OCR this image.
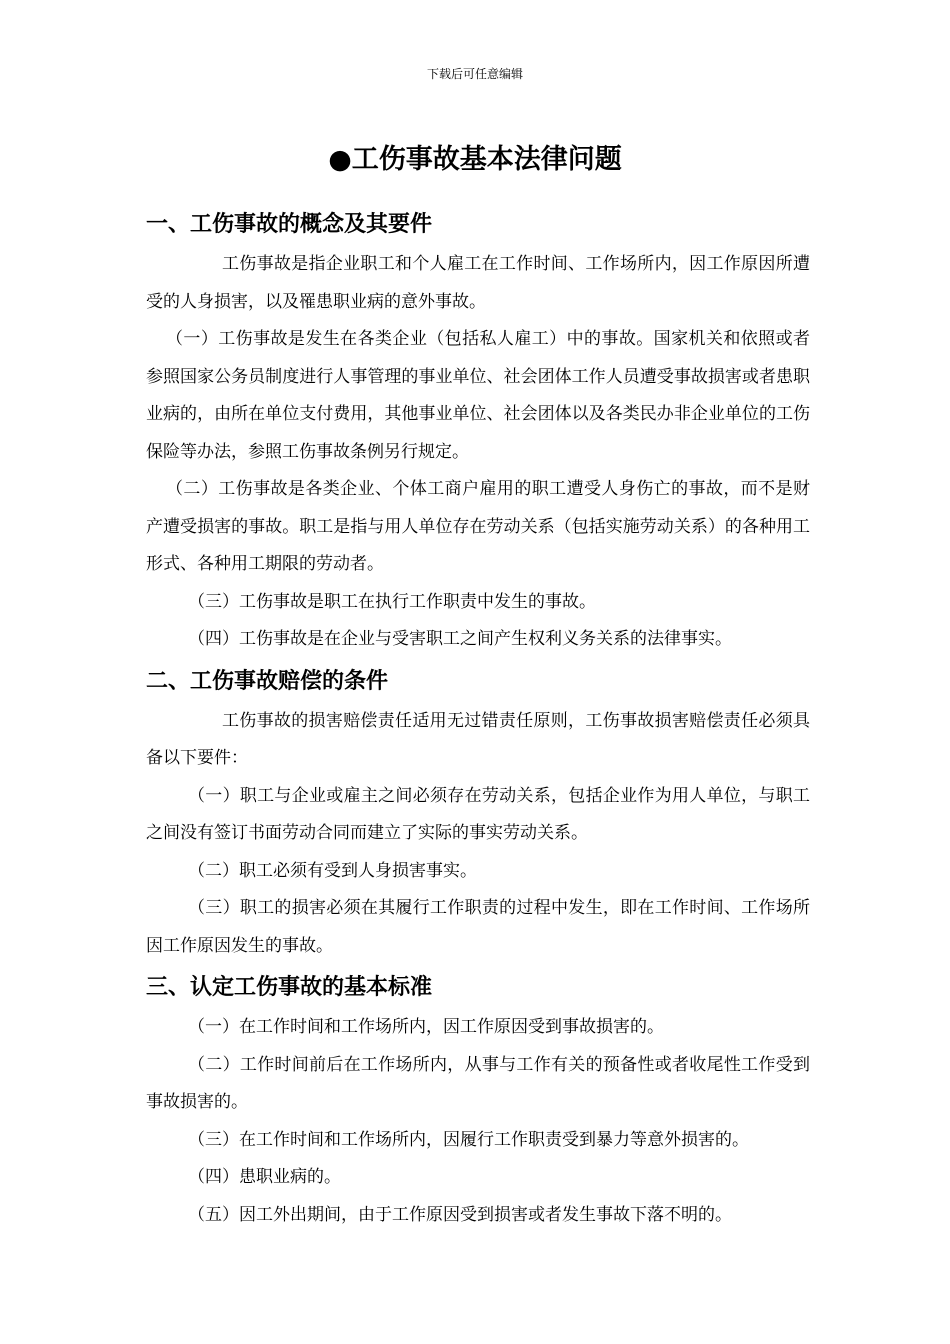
下载后可任意编辑
●工伤事故基本法律问题
一、工伤事故的概念及其要件

工伤事故是指企业职工和个人雇工在工作时间、工作场所内，因工作原因所遭受的人身损害，以及罹患职业病的意外事故。

（一）工伤事故是发生在各类企业（包括私人雇工）中的事故。国家机关和依照或者参照国家公务员制度进行人事管理的事业单位、社会团体工作人员遭受事故损害或者患职业病的，由所在单位支付费用，其他事业单位、社会团体以及各类民办非企业单位的工伤保险等办法，参照工伤事故条例另行规定。

（二）工伤事故是各类企业、个体工商户雇用的职工遭受人身伤亡的事故，而不是财产遭受损害的事故。职工是指与用人单位存在劳动关系（包括实施劳动关系）的各种用工形式、各种用工期限的劳动者。

（三）工伤事故是职工在执行工作职责中发生的事故。

（四）工伤事故是在企业与受害职工之间产生权利义务关系的法律事实。

二、工伤事故赔偿的条件

工伤事故的损害赔偿责任适用无过错责任原则，工伤事故损害赔偿责任必须具备以下要件：

（一）职工与企业或雇主之间必须存在劳动关系，包括企业作为用人单位，与职工之间没有签订书面劳动合同而建立了实际的事实劳动关系。

（二）职工必须有受到人身损害事实。

（三）职工的损害必须在其履行工作职责的过程中发生，即在工作时间、工作场所因工作原因发生的事故。

三、认定工伤事故的基本标准

（一）在工作时间和工作场所内，因工作原因受到事故损害的。

（二）工作时间前后在工作场所内，从事与工作有关的预备性或者收尾性工作受到事故损害的。

（三）在工作时间和工作场所内，因履行工作职责受到暴力等意外损害的。

（四）患职业病的。

（五）因工外出期间，由于工作原因受到损害或者发生事故下落不明的。
